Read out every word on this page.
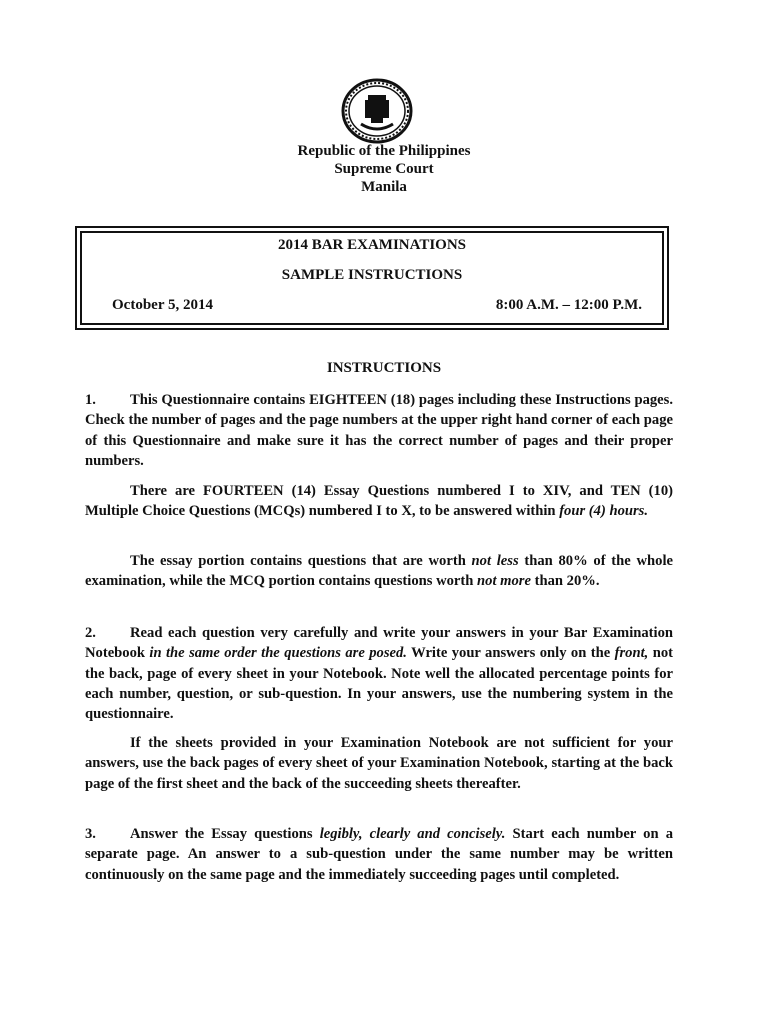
Republic of the Philippines
Supreme Court
Manila
2014 BAR EXAMINATIONS
SAMPLE INSTRUCTIONS
October 5, 2014	8:00 A.M. – 12:00 P.M.
INSTRUCTIONS
1. This Questionnaire contains EIGHTEEN (18) pages including these Instructions pages. Check the number of pages and the page numbers at the upper right hand corner of each page of this Questionnaire and make sure it has the correct number of pages and their proper numbers.
There are FOURTEEN (14) Essay Questions numbered I to XIV, and TEN (10) Multiple Choice Questions (MCQs) numbered I to X, to be answered within four (4) hours.
The essay portion contains questions that are worth not less than 80% of the whole examination, while the MCQ portion contains questions worth not more than 20%.
2. Read each question very carefully and write your answers in your Bar Examination Notebook in the same order the questions are posed. Write your answers only on the front, not the back, page of every sheet in your Notebook. Note well the allocated percentage points for each number, question, or sub-question. In your answers, use the numbering system in the questionnaire.
If the sheets provided in your Examination Notebook are not sufficient for your answers, use the back pages of every sheet of your Examination Notebook, starting at the back page of the first sheet and the back of the succeeding sheets thereafter.
3. Answer the Essay questions legibly, clearly and concisely. Start each number on a separate page. An answer to a sub-question under the same number may be written continuously on the same page and the immediately succeeding pages until completed.
